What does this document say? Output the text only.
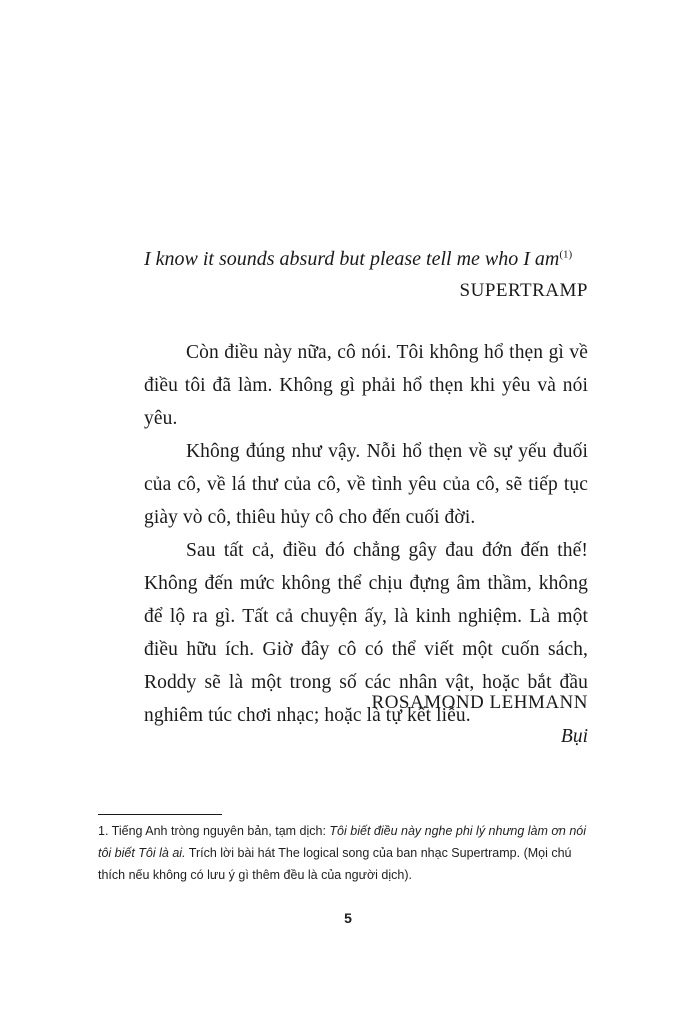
I know it sounds absurd but please tell me who I $am^{(1)}$
SUPERTRAMP

Còn điều này nữa, cô nói. Tôi không hổ thẹn gì về điều tôi đã làm. Không gì phải hổ thẹn khi yêu và nói yêu.

Không đúng như vậy. Nỗi hổ thẹn về sự yếu đuối của cô, về lá thư của cô, về tình yêu của cô, sẽ tiếp tục giày vò cô, thiêu hủy cô cho đến cuối đời.

Sau tất cả, điều đó chẳng gây đau đớn đến thế! Không đến mức không thể chịu đựng âm thầm, không để lộ ra gì. Tất cả chuyện ấy, là kinh nghiệm. Là một điều hữu ích. Giờ đây cô có thể viết một cuốn sách, Roddy sẽ là một trong số các nhân vật, hoặc bắt đầu nghiêm túc chơi nhạc; hoặc là tự kết liễu.

ROSAMOND LEHMANN
Bụi
1. Tiếng Anh tròng nguyên bản, tạm dịch: Tôi biết điều này nghe phi lý nhưng làm ơn nói tôi biết Tôi là ai. Trích lời bài hát The logical song của ban nhạc Supertramp. (Mọi chú thích nếu không có lưu ý gì thêm đều là của người dịch).
5
